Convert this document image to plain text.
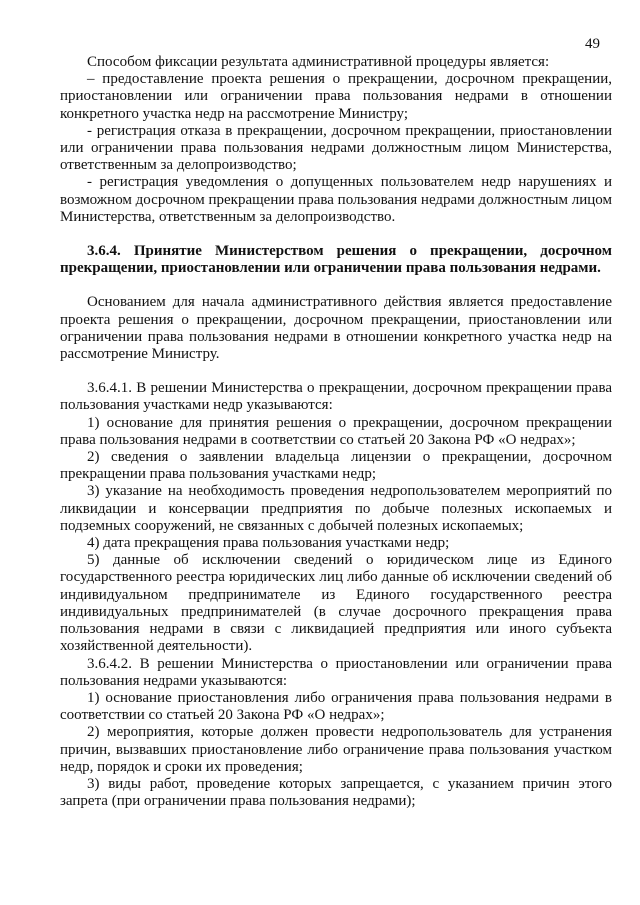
49

Способом фиксации результата административной процедуры является:

– предоставление проекта решения о прекращении, досрочном прекращении, приостановлении или ограничении права пользования недрами в отношении конкретного участка недр на рассмотрение Министру;

- регистрация отказа в прекращении, досрочном прекращении, приостановлении или ограничении права пользования недрами должностным лицом Министерства, ответственным за делопроизводство;

- регистрация уведомления о допущенных пользователем недр нарушениях и возможном досрочном прекращении права пользования недрами должностным лицом Министерства, ответственным за делопроизводство.

3.6.4. Принятие Министерством решения о прекращении, досрочном прекращении, приостановлении или ограничении права пользования недрами.

Основанием для начала административного действия является предоставление проекта решения о прекращении, досрочном прекращении, приостановлении или ограничении права пользования недрами в отношении конкретного участка недр на рассмотрение Министру.

3.6.4.1. В решении Министерства о прекращении, досрочном прекращении права пользования участками недр указываются:

1) основание для принятия решения о прекращении, досрочном прекращении права пользования недрами в соответствии со статьей 20 Закона РФ «О недрах»;

2) сведения о заявлении владельца лицензии о прекращении, досрочном прекращении права пользования участками недр;

3) указание на необходимость проведения недропользователем мероприятий по ликвидации и консервации предприятия по добыче полезных ископаемых и подземных сооружений, не связанных с добычей полезных ископаемых;

4) дата прекращения права пользования участками недр;

5) данные об исключении сведений о юридическом лице из Единого государственного реестра юридических лиц либо данные об исключении сведений об индивидуальном предпринимателе из Единого государственного реестра индивидуальных предпринимателей (в случае досрочного прекращения права пользования недрами в связи с ликвидацией предприятия или иного субъекта хозяйственной деятельности).

3.6.4.2. В решении Министерства о приостановлении или ограничении права пользования недрами указываются:

1) основание приостановления либо ограничения права пользования недрами в соответствии со статьей 20 Закона РФ «О недрах»;

2) мероприятия, которые должен провести недропользователь для устранения причин, вызвавших приостановление либо ограничение права пользования участком недр, порядок и сроки их проведения;

3) виды работ, проведение которых запрещается, с указанием причин этого запрета (при ограничении права пользования недрами);
